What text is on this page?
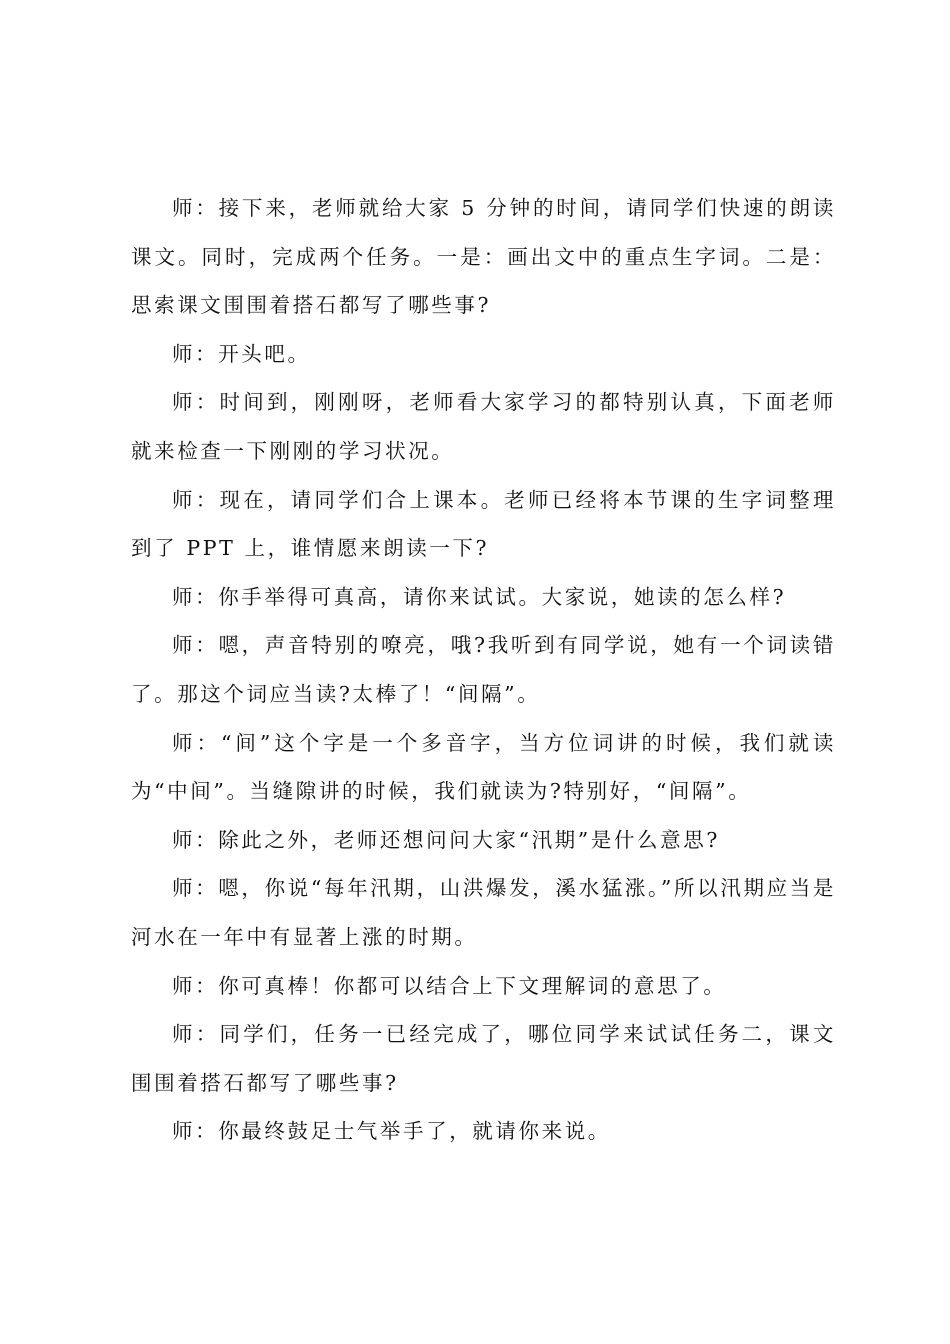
师：接下来，老师就给大家 5 分钟的时间，请同学们快速的朗读课文。同时，完成两个任务。一是：画出文中的重点生字词。二是：思索课文围围着搭石都写了哪些事?

师：开头吧。

师：时间到，刚刚呀，老师看大家学习的都特别认真，下面老师就来检查一下刚刚的学习状况。

师：现在，请同学们合上课本。老师已经将本节课的生字词整理到了 PPT 上，谁情愿来朗读一下?

师：你手举得可真高，请你来试试。大家说，她读的怎么样?

师：嗯，声音特别的嘹亮，哦?我听到有同学说，她有一个词读错了。那这个词应当读?太棒了！“间隔”。

师：“间”这个字是一个多音字，当方位词讲的时候，我们就读为“中间”。当缝隙讲的时候，我们就读为?特别好，“间隔”。

师：除此之外，老师还想问问大家“汛期”是什么意思?

师：嗯，你说“每年汛期，山洪爆发，溪水猛涨。”所以汛期应当是河水在一年中有显著上涨的时期。

师：你可真棒！你都可以结合上下文理解词的意思了。

师：同学们，任务一已经完成了，哪位同学来试试任务二，课文围围着搭石都写了哪些事?

师：你最终鼓足士气举手了，就请你来说。
